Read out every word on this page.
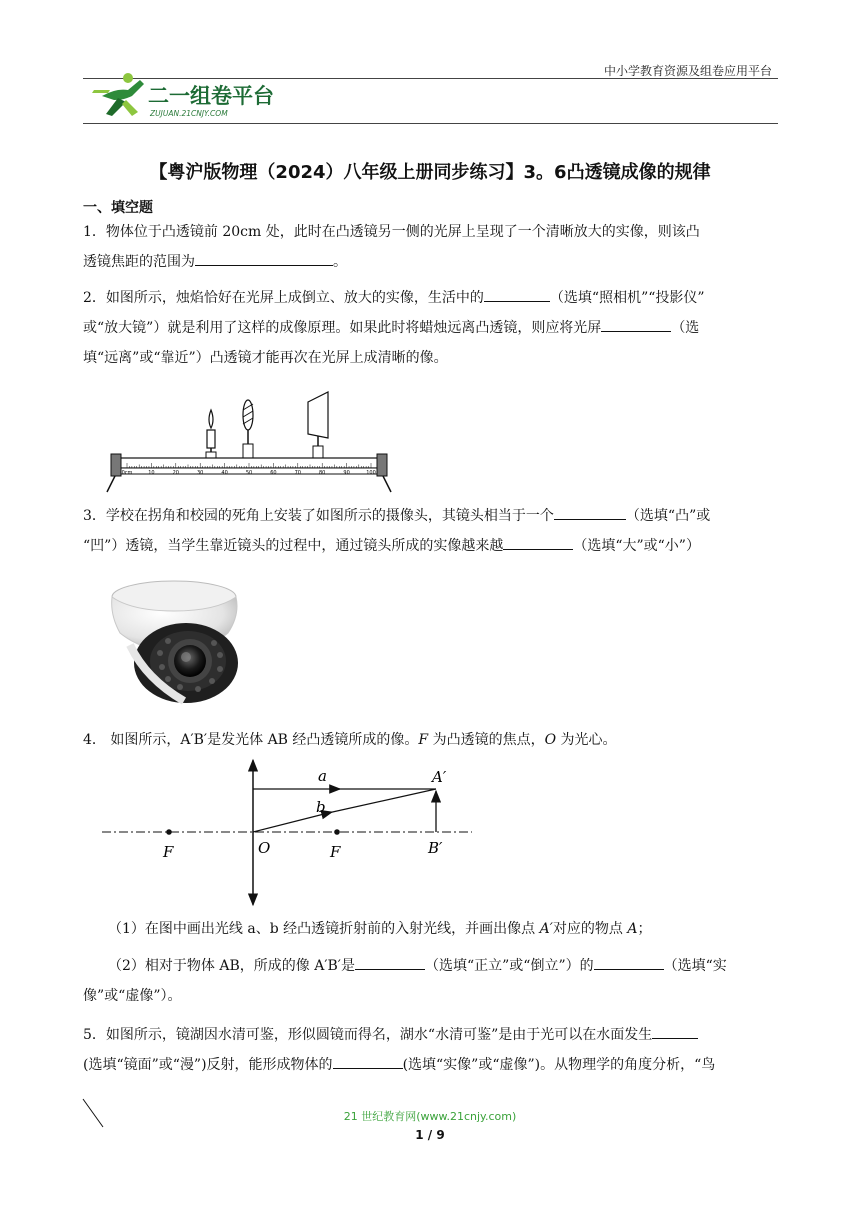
中小学教育资源及组卷应用平台
二一组卷平台
ZUJUAN.21CNJY.COM
【粤沪版物理（2024）八年级上册同步练习】3。6凸透镜成像的规律
一、填空题

1．物体位于凸透镜前 20cm 处，此时在凸透镜另一侧的光屏上呈现了一个清晰放大的实像，则该凸
透镜焦距的范围为	。

2．如图所示，烛焰恰好在光屏上成倒立、放大的实像，生活中的	（选填“照相机”“投影仪”
或“放大镜”）就是利用了这样的成像原理。如果此时将蜡烛远离凸透镜，则应将光屏	（选
填“远离”或“靠近”）凸透镜才能再次在光屏上成清晰的像。

0cm	10	20	30	40	50	60	70	80	90	100

3．学校在拐角和校园的死角上安装了如图所示的摄像头，其镜头相当于一个	（选填“凸”或
“凹”）透镜，当学生靠近镜头的过程中，通过镜头所成的实像越来越	（选填“大”或“小”）

4． 如图所示，A′B′是发光体 AB 经凸透镜所成的像。F 为凸透镜的焦点，O 为光心。

a
b
A′
B′
F	O	F

（1）在图中画出光线 a、b 经凸透镜折射前的入射光线，并画出像点 A′对应的物点 A；

（2）相对于物体 AB，所成的像 A′B′是	（选填“正立”或“倒立”）的	（选填“实
像”或“虚像”）。

5．如图所示，镜湖因水清可鉴，形似圆镜而得名，湖水“水清可鉴”是由于光可以在水面发生
(选填“镜面”或“漫”)反射，能形成物体的	(选填“实像”或“虚像”)。从物理学的角度分析，“鸟

21 世纪教育网(www.21cnjy.com)
1 / 9
